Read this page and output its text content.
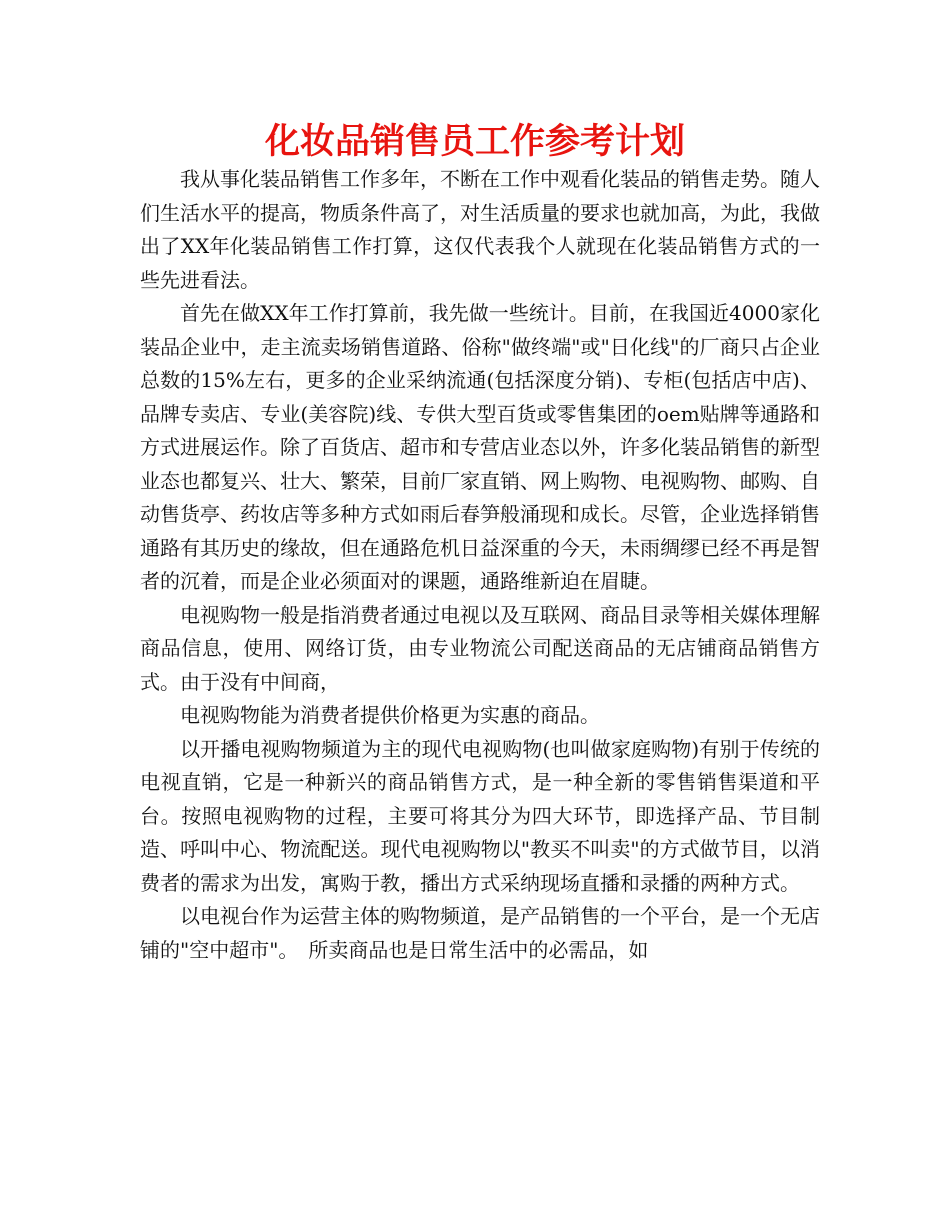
化妆品销售员工作参考计划

我从事化装品销售工作多年，不断在工作中观看化装品的销售走势。随人们生活水平的提高，物质条件高了，对生活质量的要求也就加高，为此，我做出了XX年化装品销售工作打算，这仅代表我个人就现在化装品销售方式的一些先进看法。

首先在做XX年工作打算前，我先做一些统计。目前，在我国近4000家化装品企业中，走主流卖场销售道路、俗称"做终端"或"日化线"的厂商只占企业总数的15%左右，更多的企业采纳流通(包括深度分销)、专柜(包括店中店)、品牌专卖店、专业(美容院)线、专供大型百货或零售集团的oem贴牌等通路和方式进展运作。除了百货店、超市和专营店业态以外，许多化装品销售的新型业态也都复兴、壮大、繁荣，目前厂家直销、网上购物、电视购物、邮购、自动售货亭、药妆店等多种方式如雨后春笋般涌现和成长。尽管，企业选择销售通路有其历史的缘故，但在通路危机日益深重的今天，未雨绸缪已经不再是智者的沉着，而是企业必须面对的课题，通路维新迫在眉睫。

电视购物一般是指消费者通过电视以及互联网、商品目录等相关媒体理解商品信息，使用、网络订货，由专业物流公司配送商品的无店铺商品销售方式。由于没有中间商，

电视购物能为消费者提供价格更为实惠的商品。

以开播电视购物频道为主的现代电视购物(也叫做家庭购物)有别于传统的电视直销，它是一种新兴的商品销售方式，是一种全新的零售销售渠道和平台。按照电视购物的过程，主要可将其分为四大环节，即选择产品、节目制造、呼叫中心、物流配送。现代电视购物以"教买不叫卖"的方式做节目，以消费者的需求为出发，寓购于教，播出方式采纳现场直播和录播的两种方式。

以电视台作为运营主体的购物频道，是产品销售的一个平台，是一个无店铺的"空中超市"。　所卖商品也是日常生活中的必需品，如
